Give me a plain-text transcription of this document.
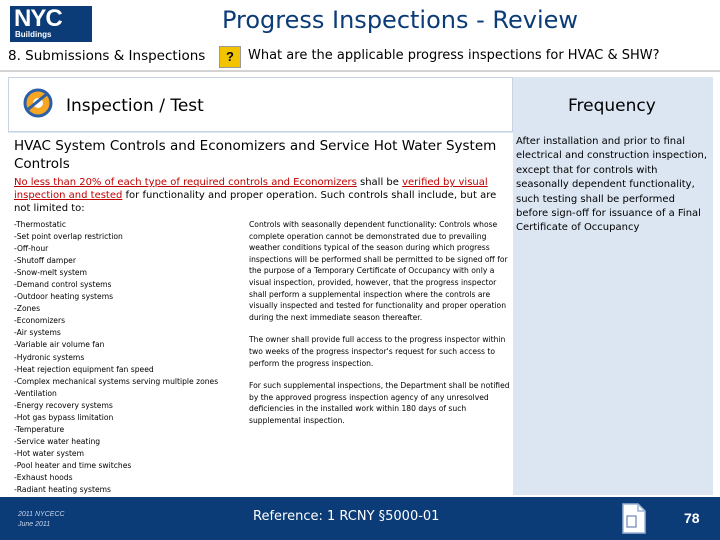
NYC
Buildings
Progress Inspections - Review
8. Submissions & Inspections	?	What are the applicable progress inspections for HVAC & SHW?
Inspection / Test	Frequency
HVAC System Controls and Economizers and Service Hot Water System Controls
No less than 20% of each type of required controls and Economizers shall be verified by visual inspection and tested for functionality and proper operation. Such controls shall include, but are not limited to:
-Thermostatic
-Set point overlap restriction
-Off-hour
-Shutoff damper
-Snow-melt system
-Demand control systems
-Outdoor heating systems
-Zones
-Economizers
-Air systems
-Variable air volume fan
-Hydronic systems
-Heat rejection equipment fan speed
-Complex mechanical systems serving multiple zones
-Ventilation
-Energy recovery systems
-Hot gas bypass limitation
-Temperature
-Service water heating
-Hot water system
-Pool heater and time switches
-Exhaust hoods
-Radiant heating systems

Controls with seasonally dependent functionality: Controls whose complete operation cannot be demonstrated due to prevailing weather conditions typical of the season during which progress inspections will be performed shall be permitted to be signed off for the purpose of a Temporary Certificate of Occupancy with only a visual inspection, provided, however, that the progress inspector shall perform a supplemental inspection where the controls are visually inspected and tested for functionality and proper operation during the next immediate season thereafter.

The owner shall provide full access to the progress inspector within two weeks of the progress inspector's request for such access to perform the progress inspection.

For such supplemental inspections, the Department shall be notified by the approved progress inspection agency of any unresolved deficiencies in the installed work within 180 days of such supplemental inspection.

After installation and prior to final electrical and construction inspection, except that for controls with seasonally dependent functionality, such testing shall be performed before sign-off for issuance of a Final Certificate of Occupancy
2011 NYCECC
June 2011
Reference: 1 RCNY §5000-01	78
